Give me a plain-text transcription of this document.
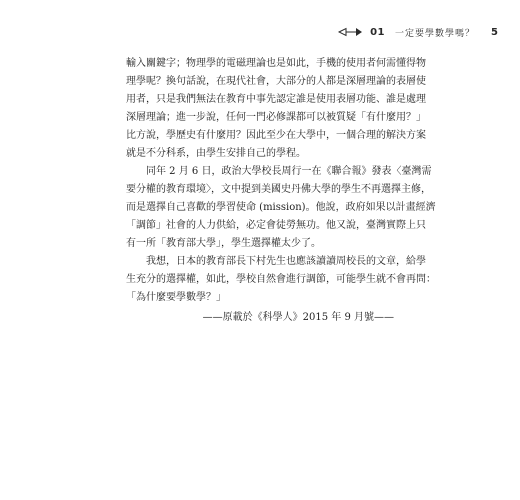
01 一定要學數學嗎？ 5
輸入關鍵字；物理學的電磁理論也是如此，手機的使用者何需懂得物
理學呢？換句話說，在現代社會，大部分的人都是深層理論的表層使
用者，只是我們無法在教育中事先認定誰是使用表層功能、誰是處理
深層理論；進一步說，任何一門必修課都可以被質疑「有什麼用？」
比方說，學歷史有什麼用？因此至少在大學中，一個合理的解決方案
就是不分科系，由學生安排自己的學程。
同年 2 月 6 日，政治大學校長周行一在《聯合報》發表〈臺灣需
要分權的教育環境〉，文中提到美國史丹佛大學的學生不再選擇主修，
而是選擇自己喜歡的學習使命 (mission)。他說，政府如果以計畫經濟
「調節」社會的人力供給，必定會徒勞無功。他又說，臺灣實際上只
有一所「教育部大學」，學生選擇權太少了。
我想，日本的教育部長下村先生也應該讀讀周校長的文章，給學
生充分的選擇權，如此，學校自然會進行調節，可能學生就不會再問：
「為什麼要學數學？」
——原載於《科學人》2015 年 9 月號——
